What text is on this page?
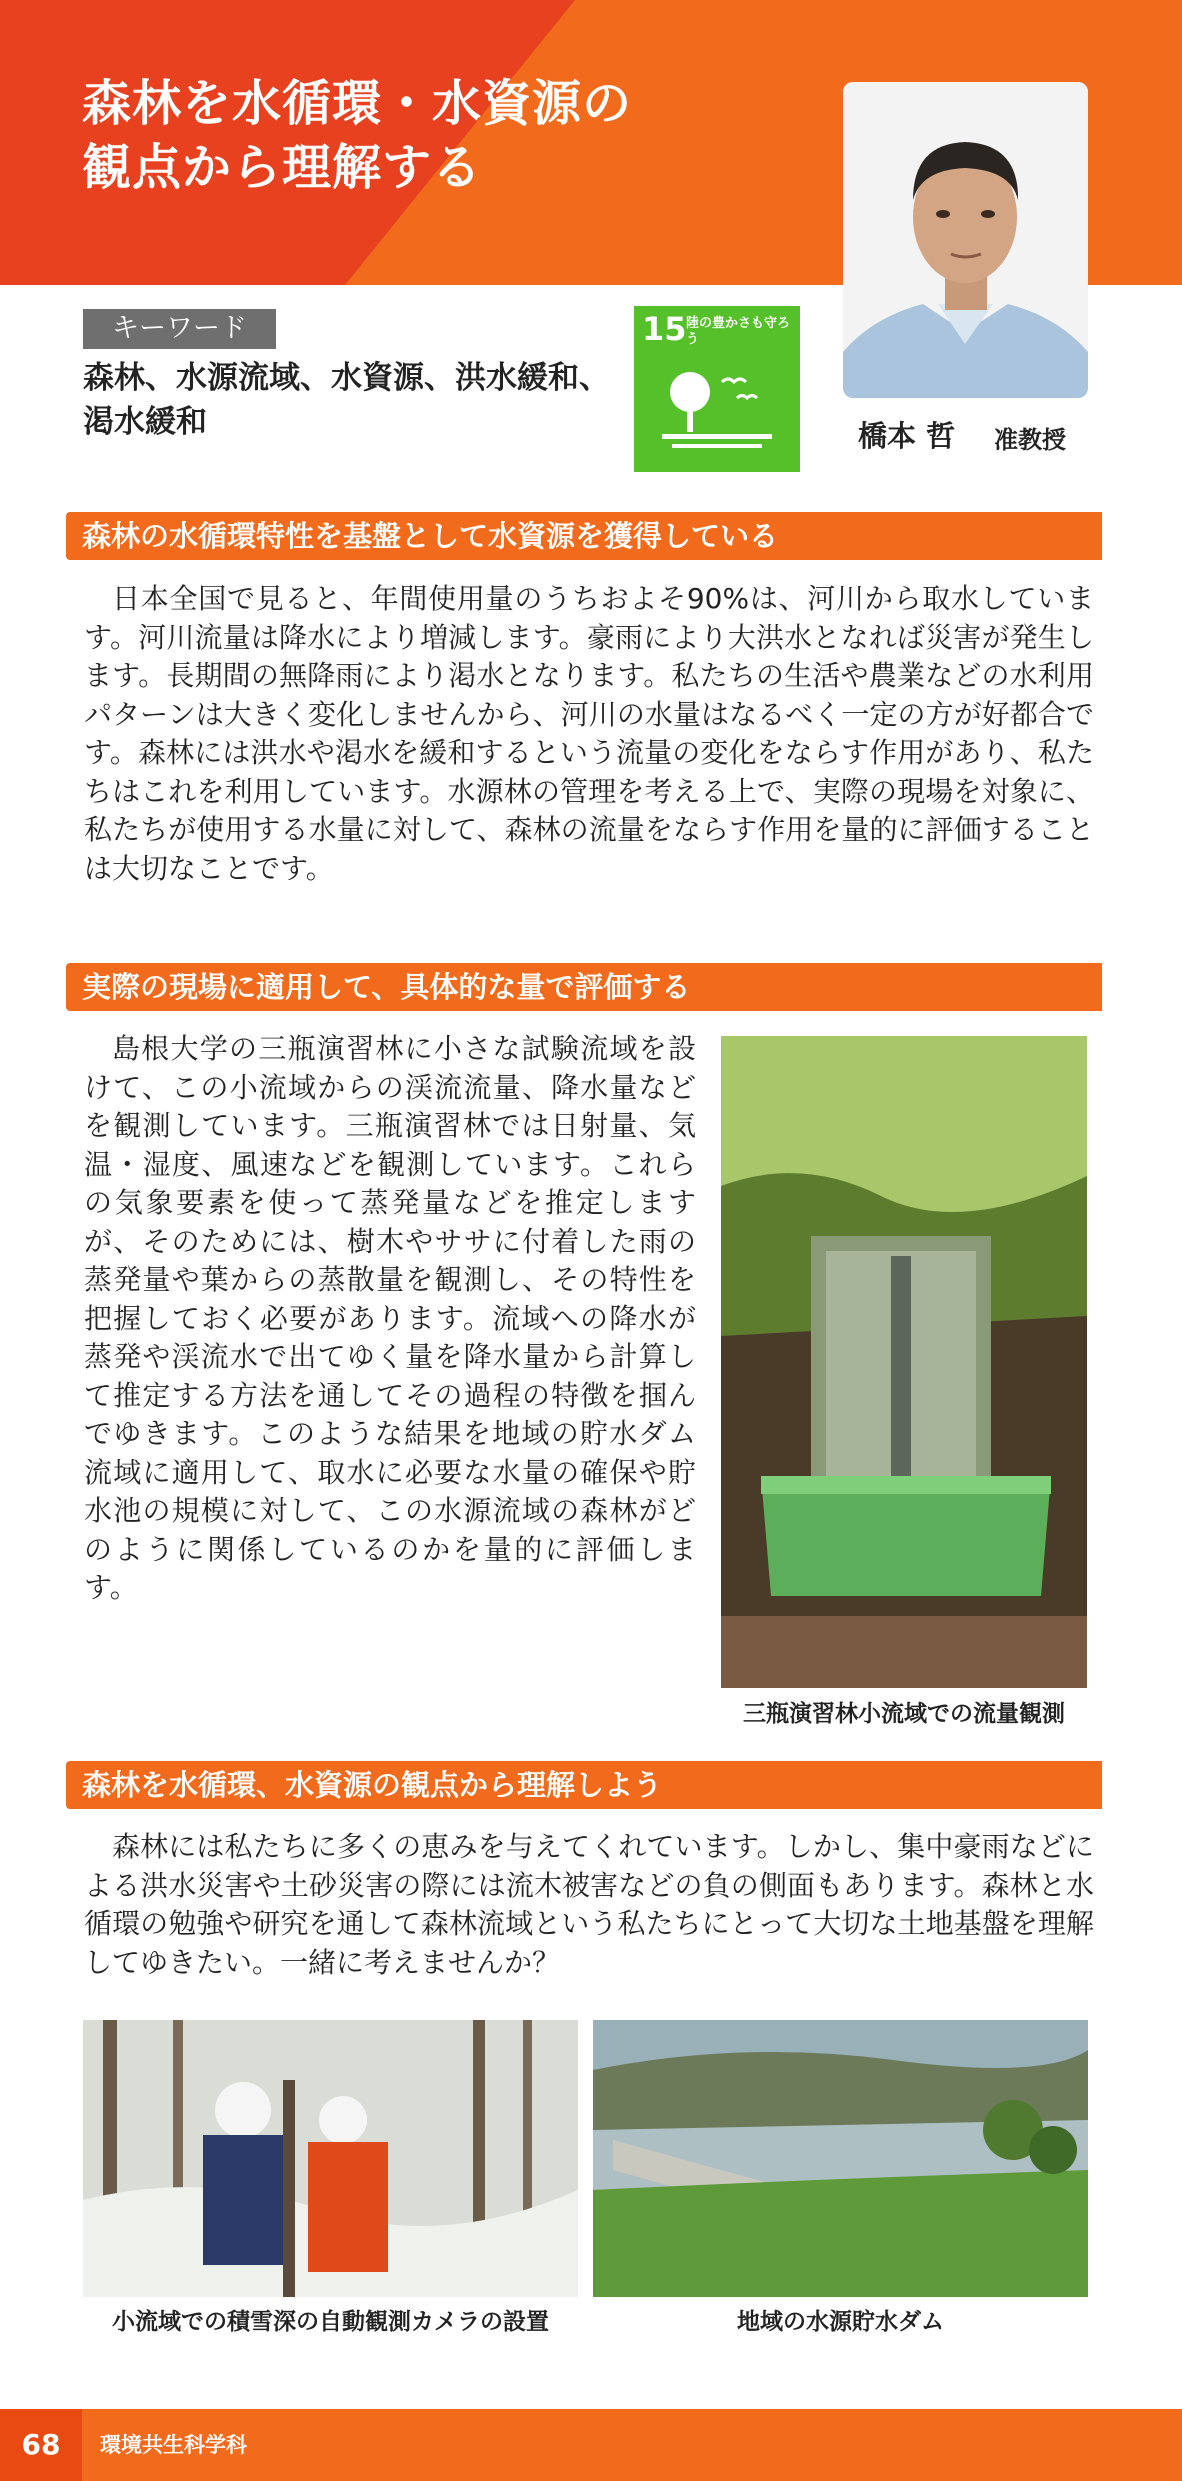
森林を水循環・水資源の
観点から理解する
キーワード
森林、水源流域、水資源、洪水緩和、渇水緩和
15 陸の豊かさも守ろう
橋本 哲 准教授
森林の水循環特性を基盤として水資源を獲得している

日本全国で見ると、年間使用量のうちおよそ90%は、河川から取水しています。河川流量は降水により増減します。豪雨により大洪水となれば災害が発生します。長期間の無降雨により渇水となります。私たちの生活や農業などの水利用パターンは大きく変化しませんから、河川の水量はなるべく一定の方が好都合です。森林には洪水や渇水を緩和するという流量の変化をならす作用があり、私たちはこれを利用しています。水源林の管理を考える上で、実際の現場を対象に、私たちが使用する水量に対して、森林の流量をならす作用を量的に評価することは大切なことです。

実際の現場に適用して、具体的な量で評価する

島根大学の三瓶演習林に小さな試験流域を設けて、この小流域からの渓流流量、降水量などを観測しています。三瓶演習林では日射量、気温・湿度、風速などを観測しています。これらの気象要素を使って蒸発量などを推定しますが、そのためには、樹木やササに付着した雨の蒸発量や葉からの蒸散量を観測し、その特性を把握しておく必要があります。流域への降水が蒸発や渓流水で出てゆく量を降水量から計算して推定する方法を通してその過程の特徴を掴んでゆきます。このような結果を地域の貯水ダム流域に適用して、取水に必要な水量の確保や貯水池の規模に対して、この水源流域の森林がどのように関係しているのかを量的に評価します。

三瓶演習林小流域での流量観測
森林を水循環、水資源の観点から理解しよう

森林には私たちに多くの恵みを与えてくれています。しかし、集中豪雨などによる洪水災害や土砂災害の際には流木被害などの負の側面もあります。森林と水循環の勉強や研究を通して森林流域という私たちにとって大切な土地基盤を理解してゆきたい。一緒に考えませんか？

小流域での積雪深の自動観測カメラの設置	地域の水源貯水ダム
68	環境共生科学科
